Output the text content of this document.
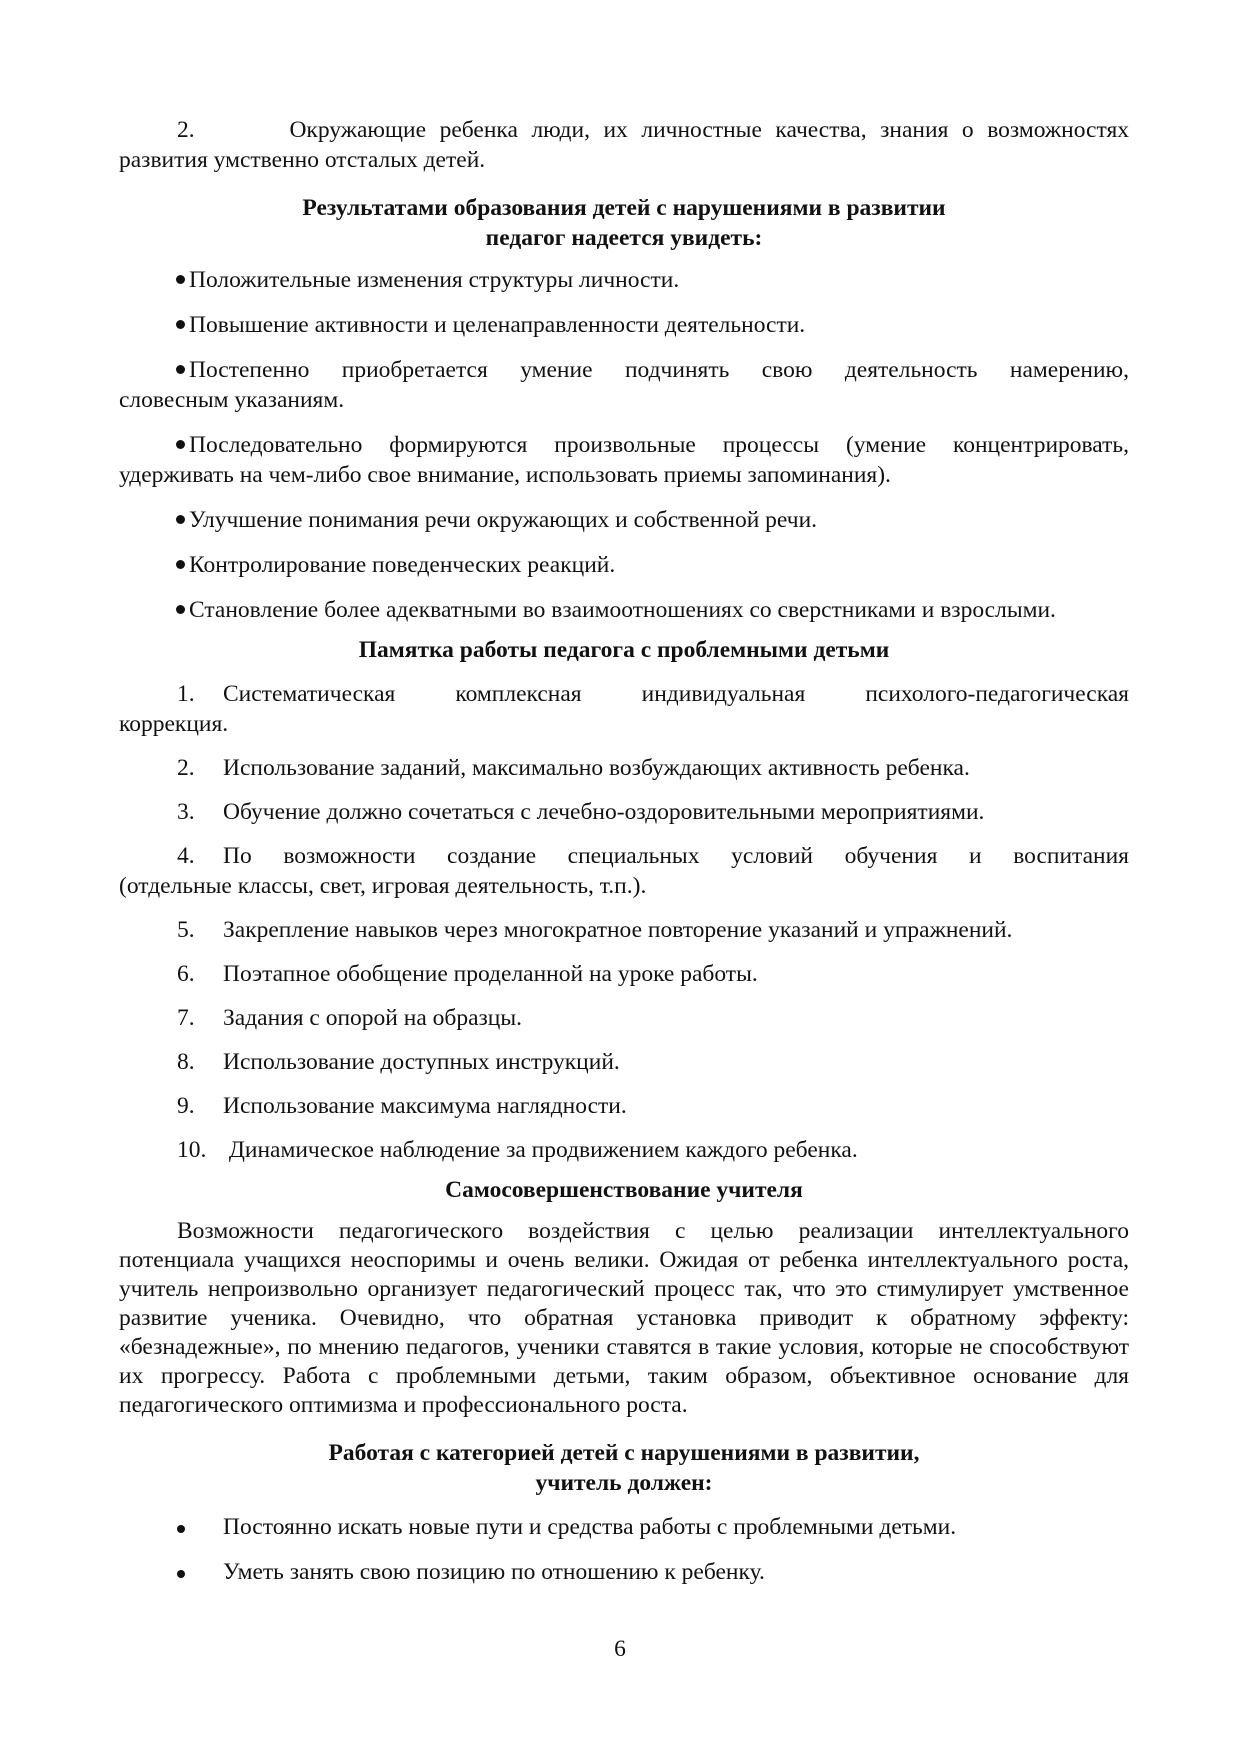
2.	Окружающие ребенка люди, их личностные качества, знания о возможностях
развития умственно отсталых детей.
Результатами образования детей с нарушениями в развитии
педагог надеется увидеть:
Положительные изменения структуры личности.
Повышение активности и целенаправленности деятельности.
Постепенно приобретается умение подчинять свою деятельность намерению,
словесным указаниям.
Последовательно формируются произвольные процессы (умение концентрировать,
удерживать на чем-либо свое внимание, использовать приемы запоминания).
Улучшение понимания речи окружающих и собственной речи.
Контролирование поведенческих реакций.
Становление более адекватными во взаимоотношениях со сверстниками и взрослыми.
Памятка работы педагога с проблемными детьми
1. Систематическая комплексная индивидуальная психолого-педагогическая
коррекция.
2. Использование заданий, максимально возбуждающих активность ребенка.
3. Обучение должно сочетаться с лечебно-оздоровительными мероприятиями.
4. По возможности создание специальных условий обучения и воспитания
(отдельные классы, свет, игровая деятельность, т.п.).
5. Закрепление навыков через многократное повторение указаний и упражнений.
6. Поэтапное обобщение проделанной на уроке работы.
7. Задания с опорой на образцы.
8. Использование доступных инструкций.
9. Использование максимума наглядности.
10. Динамическое наблюдение за продвижением каждого ребенка.
Самосовершенствование учителя
Возможности педагогического воздействия с целью реализации интеллектуального потенциала учащихся неоспоримы и очень велики. Ожидая от ребенка интеллектуального роста, учитель непроизвольно организует педагогический процесс так, что это стимулирует умственное развитие ученика. Очевидно, что обратная установка приводит к обратному эффекту: «безнадежные», по мнению педагогов, ученики ставятся в такие условия, которые не способствуют их прогрессу. Работа с проблемными детьми, таким образом, объективное основание для педагогического оптимизма и профессионального роста.
Работая с категорией детей с нарушениями в развитии,
учитель должен:
Постоянно искать новые пути и средства работы с проблемными детьми.
Уметь занять свою позицию по отношению к ребенку.
6
